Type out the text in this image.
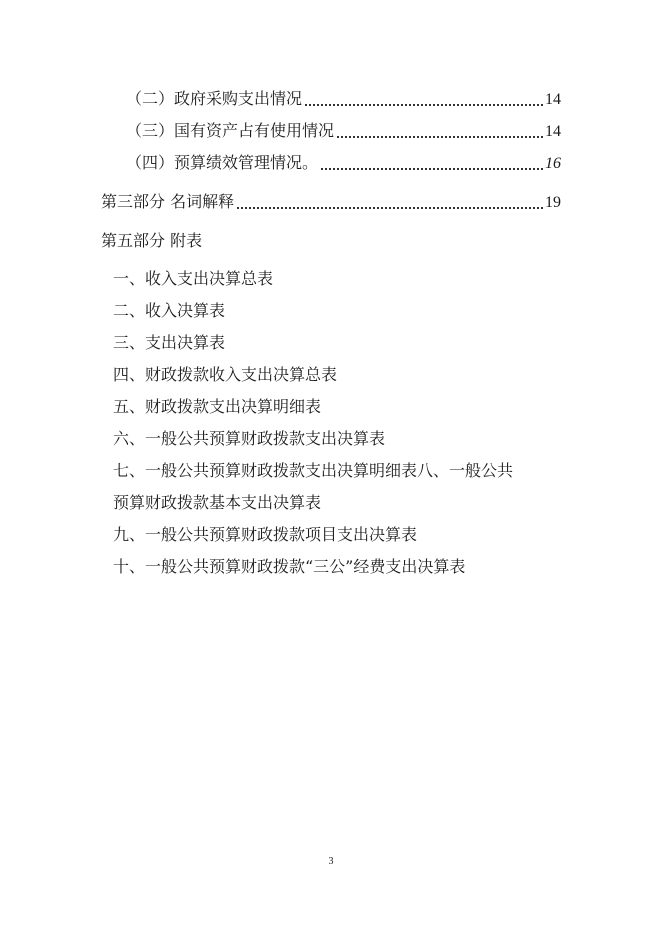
（二）政府采购支出情况	14
（三）国有资产占有使用情况	14
（四）预算绩效管理情况。	16
第三部分 名词解释	19
第五部分 附表
一、收入支出决算总表
二、收入决算表
三、支出决算表
四、财政拨款收入支出决算总表
五、财政拨款支出决算明细表
六、一般公共预算财政拨款支出决算表
七、一般公共预算财政拨款支出决算明细表八、一般公共
预算财政拨款基本支出决算表
九、一般公共预算财政拨款项目支出决算表
十、一般公共预算财政拨款“三公”经费支出决算表
3
